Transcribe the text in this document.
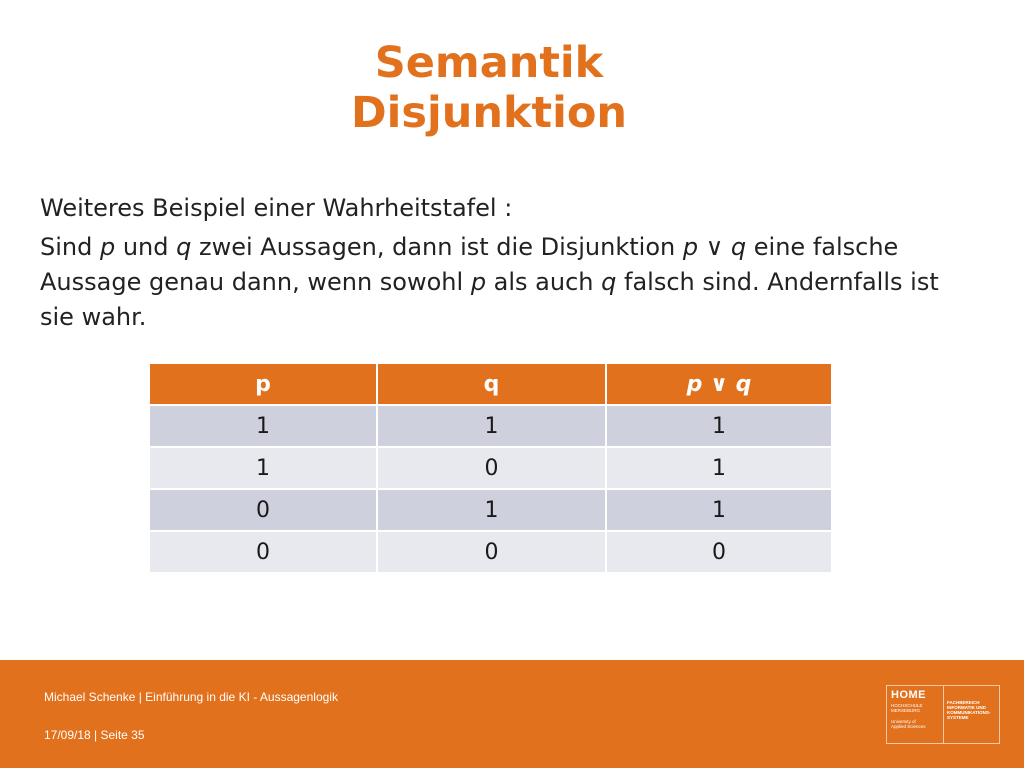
Semantik
Disjunktion

Weiteres Beispiel einer Wahrheitstafel :

Sind p und q zwei Aussagen, dann ist die Disjunktion p ∨ q eine falsche Aussage genau dann, wenn sowohl p als auch q falsch sind. Andernfalls ist sie wahr.

p	q	p ∨ q
1	1	1
1	0	1
0	1	1
0	0	0
Michael Schenke | Einführung in die KI - Aussagenlogik
17/09/18 | Seite 35
HOME
HOCHSCHULE
MERSEBURG
University of
Applied Sciences
FACHBEREICH
INFORMATIK UND
KOMMUNIKATIONS-
SYSTEME
